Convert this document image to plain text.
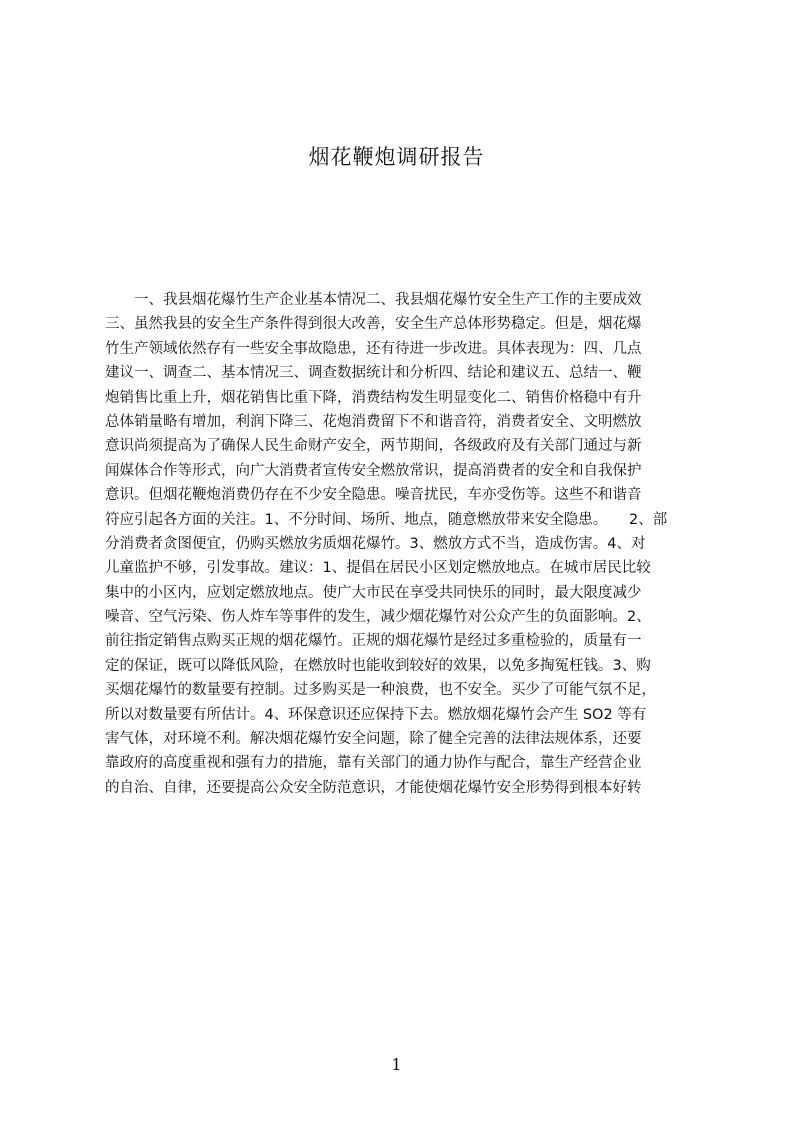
烟花鞭炮调研报告
　　一、我县烟花爆竹生产企业基本情况二、我县烟花爆竹安全生产工作的主要成效
三、虽然我县的安全生产条件得到很大改善，安全生产总体形势稳定。但是，烟花爆
竹生产领域依然存有一些安全事故隐患，还有待进一步改进。具体表现为：四、几点
建议一、调查二、基本情况三、调查数据统计和分析四、结论和建议五、总结一、鞭
炮销售比重上升，烟花销售比重下降，消费结构发生明显变化二、销售价格稳中有升
总体销量略有增加，利润下降三、花炮消费留下不和谐音符，消费者安全、文明燃放
意识尚须提高为了确保人民生命财产安全，两节期间，各级政府及有关部门通过与新
闻媒体合作等形式，向广大消费者宣传安全燃放常识，提高消费者的安全和自我保护
意识。但烟花鞭炮消费仍存在不少安全隐患。噪音扰民，车亦受伤等。这些不和谐音
符应引起各方面的关注。1、不分时间、场所、地点，随意燃放带来安全隐患。　　2、部
分消费者贪图便宜，仍购买燃放劣质烟花爆竹。3、燃放方式不当，造成伤害。4、对
儿童监护不够，引发事故。建议：1、提倡在居民小区划定燃放地点。在城市居民比较
集中的小区内，应划定燃放地点。使广大市民在享受共同快乐的同时，最大限度减少
噪音、空气污染、伤人炸车等事件的发生，减少烟花爆竹对公众产生的负面影响。2、
前往指定销售点购买正规的烟花爆竹。正规的烟花爆竹是经过多重检验的，质量有一
定的保证，既可以降低风险，在燃放时也能收到较好的效果，以免多掏冤枉钱。3、购
买烟花爆竹的数量要有控制。过多购买是一种浪费，也不安全。买少了可能气氛不足，
所以对数量要有所估计。4、环保意识还应保持下去。燃放烟花爆竹会产生 SO2 等有
害气体，对环境不利。解决烟花爆竹安全问题，除了健全完善的法律法规体系，还要
靠政府的高度重视和强有力的措施，靠有关部门的通力协作与配合，靠生产经营企业
的自治、自律，还要提高公众安全防范意识，才能使烟花爆竹安全形势得到根本好转
1
